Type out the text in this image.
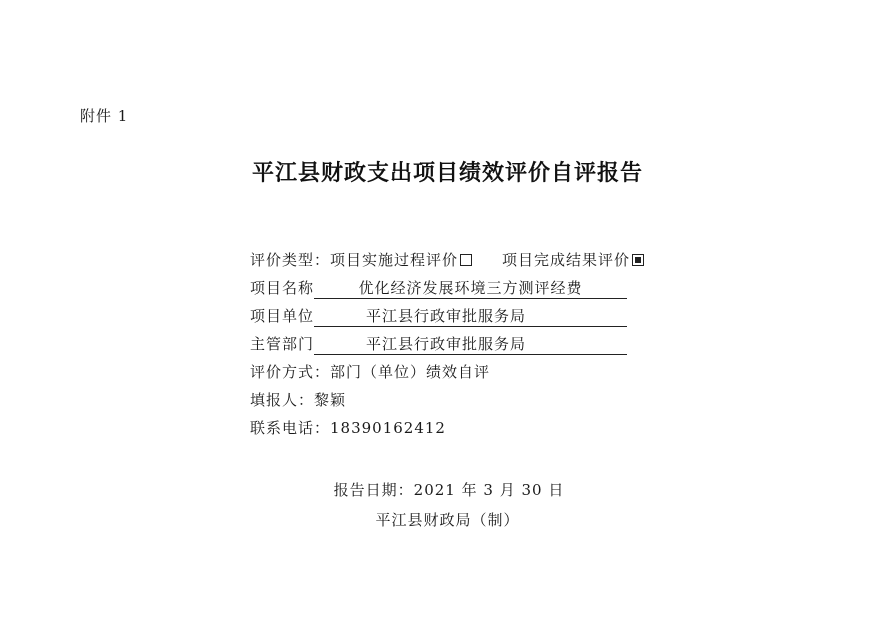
附件 1
平江县财政支出项目绩效评价自评报告
评价类型：项目实施过程评价	项目完成结果评价
项目名称	优化经济发展环境三方测评经费
项目单位	平江县行政审批服务局
主管部门	平江县行政审批服务局
评价方式：部门（单位）绩效自评
填报人：黎颖
联系电话：18390162412
报告日期：2021 年 3 月 30 日
平江县财政局（制）
